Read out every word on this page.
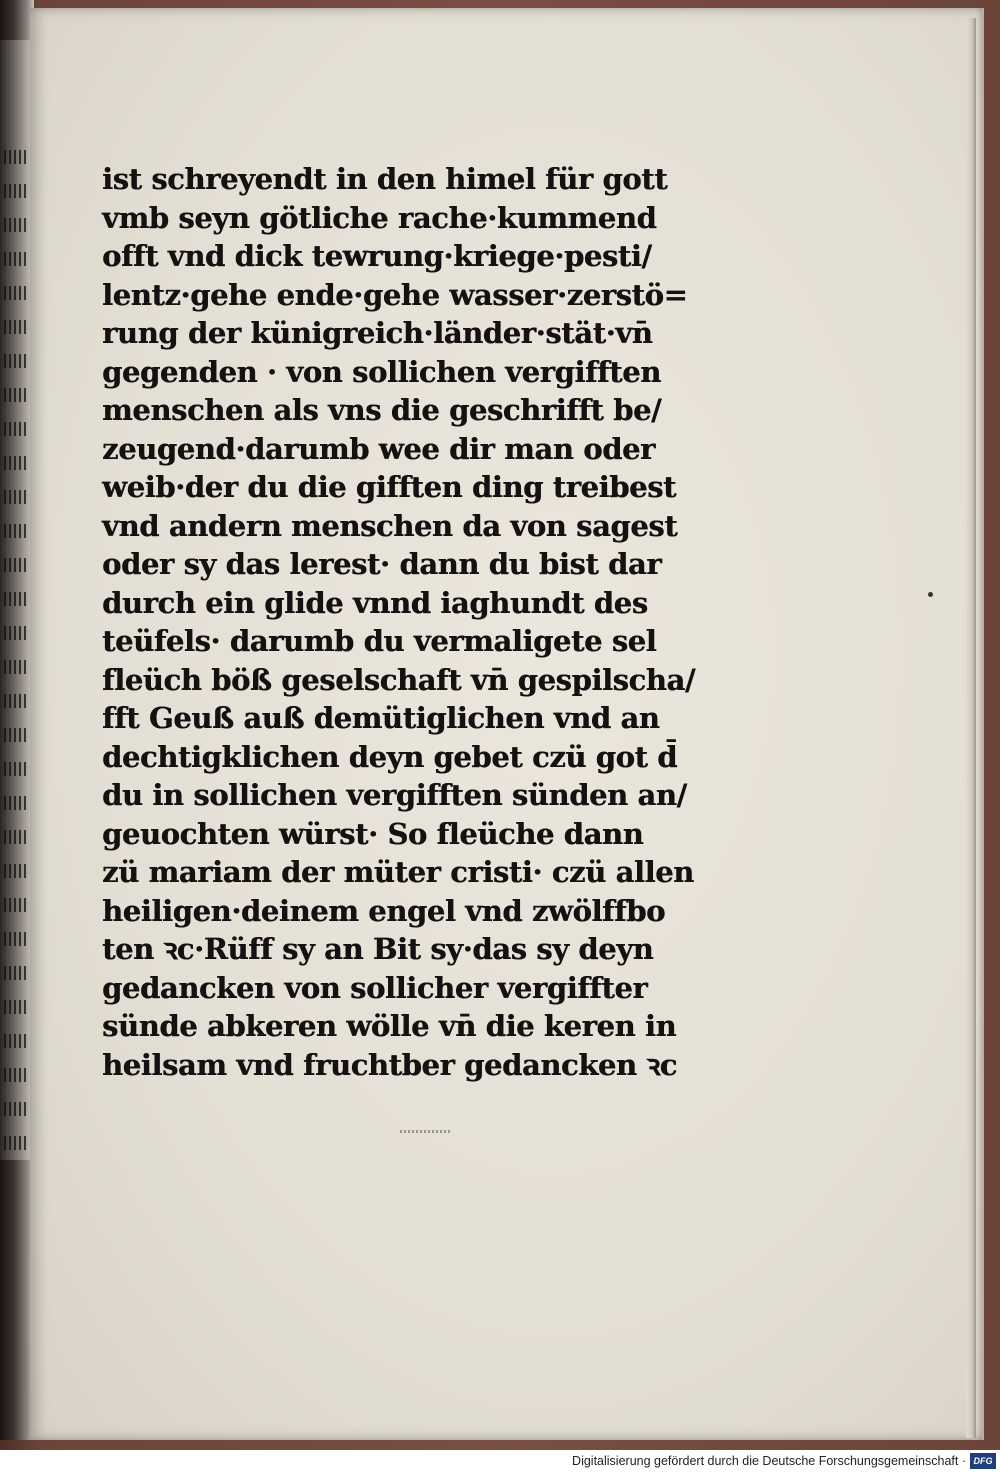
ist schreyendt in den himel für gott
vmb seyn götliche rache·kummend
offt vnd dick tewrung·kriege·pesti/
lentz·gehe ende·gehe wasser·zerstö=
rung der künigreich·länder·stät·vn̄
gegenden · von sollichen vergifften
menschen als vns die geschrifft be/
zeugend·darumb wee dir man oder
weib·der du die gifften ding treibest
vnd andern menschen da von sagest
oder sy das lerest· dann du bist dar
durch ein glide vnnd iaghundt des
teüfels· darumb du vermaligete sel
fleüch böß geselschaft vn̄ gespilscha/
fft Geuß auß demütiglichen vnd an
dechtigklichen deyn gebet czü got d̄
du in sollichen vergifften sünden an/
geuochten würst· So fleüche dann
zü mariam der müter cristi· czü allen
heiligen·deinem engel vnd zwölffbo
ten ꝛc·Rüff sy an Bit sy·das sy deyn
gedancken von sollicher vergiffter
sünde abkeren wölle vn̄ die keren in
heilsam vnd fruchtber gedancken ꝛc
Digitalisierung gefördert durch die Deutsche Forschungsgemeinschaft · DFG
